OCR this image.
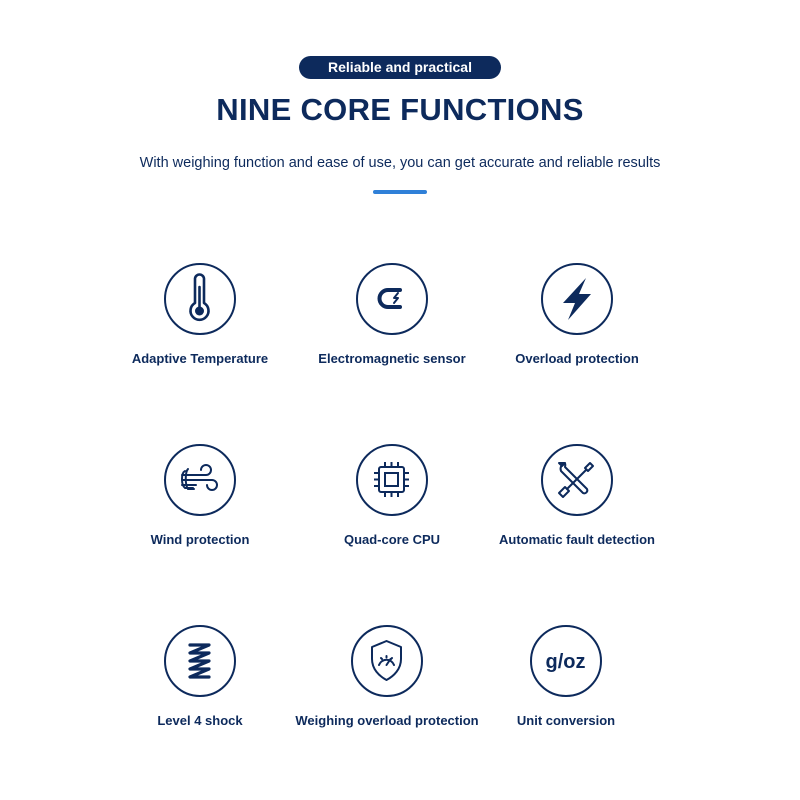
Reliable and practical
NINE CORE FUNCTIONS
With weighing function and ease of use, you can get accurate and reliable results
Adaptive Temperature	Electromagnetic sensor	Overload protection
Wind protection	Quad-core CPU	Automatic fault detection
Level 4 shock	Weighing overload protection
g/oz
Unit conversion
